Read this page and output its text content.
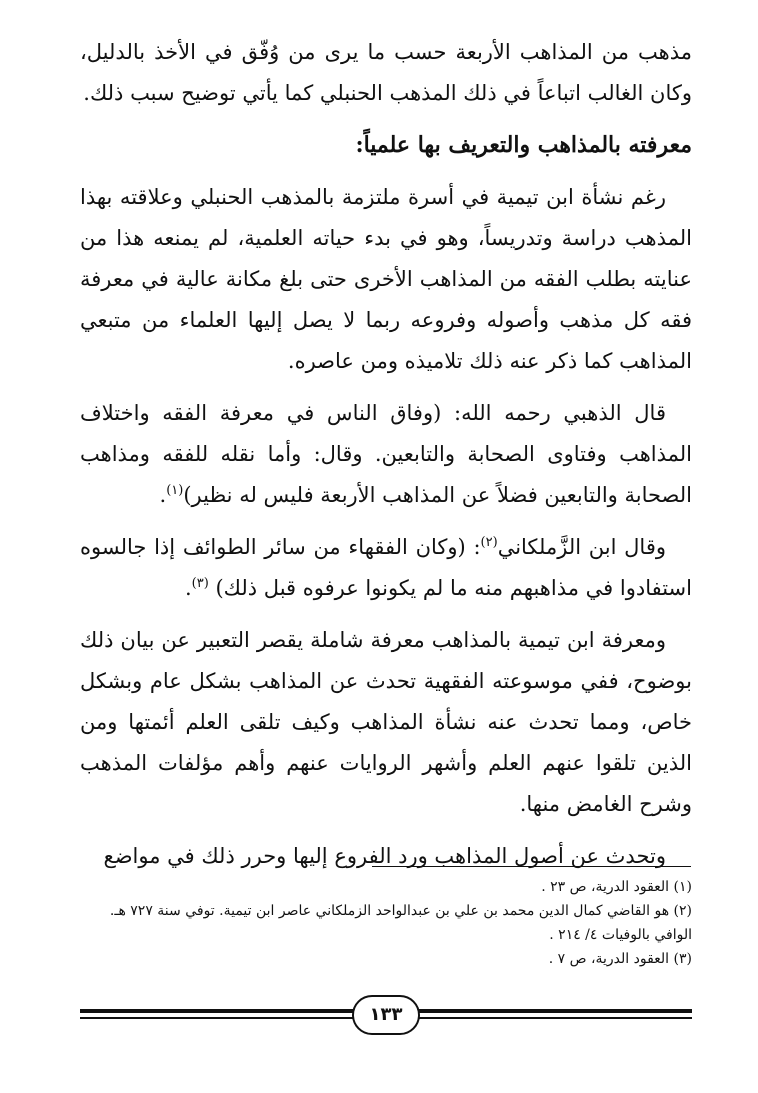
مذهب من المذاهب الأربعة حسب ما يرى من وُفّق في الأخذ بالدليل، وكان الغالب اتباعاً في ذلك المذهب الحنبلي كما يأتي توضيح سبب ذلك.

معرفته بالمذاهب والتعريف بها علمياً:

رغم نشأة ابن تيمية في أسرة ملتزمة بالمذهب الحنبلي وعلاقته بهذا المذهب دراسة وتدريساً، وهو في بدء حياته العلمية، لم يمنعه هذا من عنايته بطلب الفقه من المذاهب الأخرى حتى بلغ مكانة عالية في معرفة فقه كل مذهب وأصوله وفروعه ربما لا يصل إليها العلماء من متبعي المذاهب كما ذكر عنه ذلك تلاميذه ومن عاصره.

قال الذهبي رحمه الله: (وفاق الناس في معرفة الفقه واختلاف المذاهب وفتاوى الصحابة والتابعين. وقال: وأما نقله للفقه ومذاهب الصحابة والتابعين فضلاً عن المذاهب الأربعة فليس له نظير)$^{(١)}$.

وقال ابن الزَّملكاني$^{(٢)}$: (وكان الفقهاء من سائر الطوائف إذا جالسوه استفادوا في مذاهبهم منه ما لم يكونوا عرفوه قبل ذلك) $^{(٣)}$.

ومعرفة ابن تيمية بالمذاهب معرفة شاملة يقصر التعبير عن بيان ذلك بوضوح، ففي موسوعته الفقهية تحدث عن المذاهب بشكل عام وبشكل خاص، ومما تحدث عنه نشأة المذاهب وكيف تلقى العلم أئمتها ومن الذين تلقوا عنهم العلم وأشهر الروايات عنهم وأهم مؤلفات المذهب وشرح الغامض منها.

وتحدث عن أصول المذاهب ورد الفروع إليها وحرر ذلك في مواضع

(١) العقود الدرية، ص ٢٣ .

(٢) هو القاضي كمال الدين محمد بن علي بن عبدالواحد الزملكاني عاصر ابن تيمية. توفي سنة ٧٢٧ هـ.

الوافي بالوفيات ٤/ ٢١٤ .

(٣) العقود الدرية، ص ٧ .

١٣٣
